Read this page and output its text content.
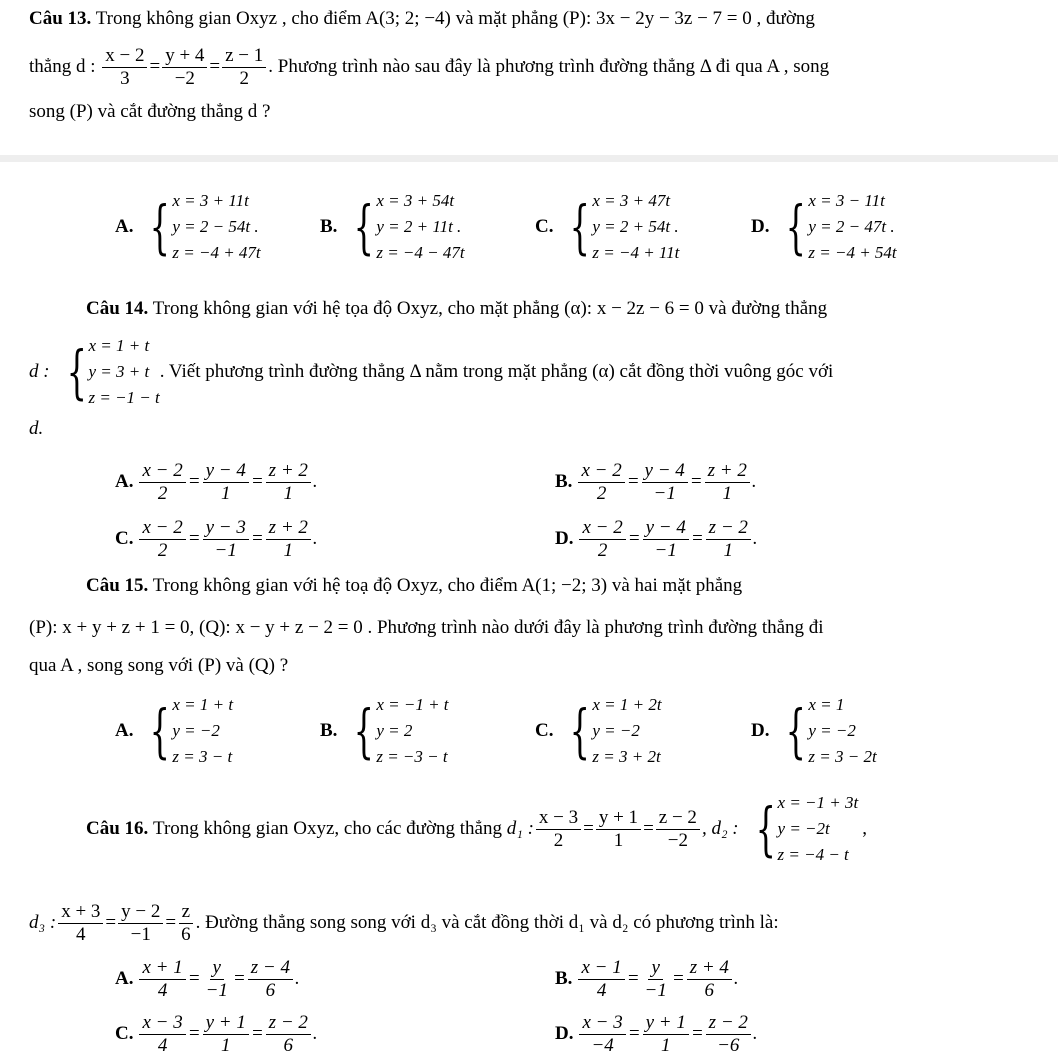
Câu 13. Trong không gian Oxyz , cho điểm A(3; 2; −4) và mặt phẳng (P): 3x − 2y − 3z − 7 = 0 , đường
thẳng d : $\frac{x - 2}{3} = \frac{y + 4}{-2} = \frac{z - 1}{2}$ . Phương trình nào sau đây là phương trình đường thẳng Δ đi qua A , song
song (P) và cắt đường thẳng d ?
A. { x = 3 + 11t
y = 2 − 54t .
z = −4 + 47t
B. { x = 3 + 54t
y = 2 + 11t .
z = −4 − 47t
C. { x = 3 + 47t
y = 2 + 54t .
z = −4 + 11t
D. { x = 3 − 11t
y = 2 − 47t .
z = −4 + 54t
Câu 14. Trong không gian với hệ tọa độ Oxyz, cho mặt phẳng (α): x − 2z − 6 = 0 và đường thẳng
d : { x = 1 + t
y = 3 + t
z = −1 − t
. Viết phương trình đường thẳng Δ nằm trong mặt phẳng (α) cắt đồng thời vuông góc với
d.
A. $\frac{x - 2}{2} = \frac{y - 4}{1} = \frac{z + 2}{1}$ .	B. $\frac{x - 2}{2} = \frac{y - 4}{-1} = \frac{z + 2}{1}$ .
C. $\frac{x - 2}{2} = \frac{y - 3}{-1} = \frac{z + 2}{1}$ .	D. $\frac{x - 2}{2} = \frac{y - 4}{-1} = \frac{z - 2}{1}$ .
Câu 15. Trong không gian với hệ toạ độ Oxyz, cho điểm A(1; −2; 3) và hai mặt phẳng
(P): x + y + z + 1 = 0, (Q): x − y + z − 2 = 0 . Phương trình nào dưới đây là phương trình đường thẳng đi
qua A , song song với (P) và (Q) ?
A. { x = 1 + t
y = −2
z = 3 − t
B. { x = −1 + t
y = 2
z = −3 − t
C. { x = 1 + 2t
y = −2
z = 3 + 2t
D. { x = 1
y = −2
z = 3 − 2t
Câu 16.
Trong không gian Oxyz, cho các đường thẳng
d₁ : $\frac{x - 3}{2} = \frac{y + 1}{1} = \frac{z - 2}{-2}$ , d₂ : { x = −1 + 3t
y = −2t
z = −4 − t
,
d₃ : $\frac{x + 3}{4} = \frac{y - 2}{-1} = \frac{z}{6}$ . Đường thẳng song song với d₃ và cắt đồng thời d₁ và d₂ có phương trình là:
A. $\frac{x + 1}{4} = \frac{y}{-1} = \frac{z - 4}{6}$ .	B. $\frac{x - 1}{4} = \frac{y}{-1} = \frac{z + 4}{6}$ .
C. $\frac{x - 3}{4} = \frac{y + 1}{1} = \frac{z - 2}{6}$ .	D. $\frac{x - 3}{-4} = \frac{y + 1}{1} = \frac{z - 2}{-6}$ .
